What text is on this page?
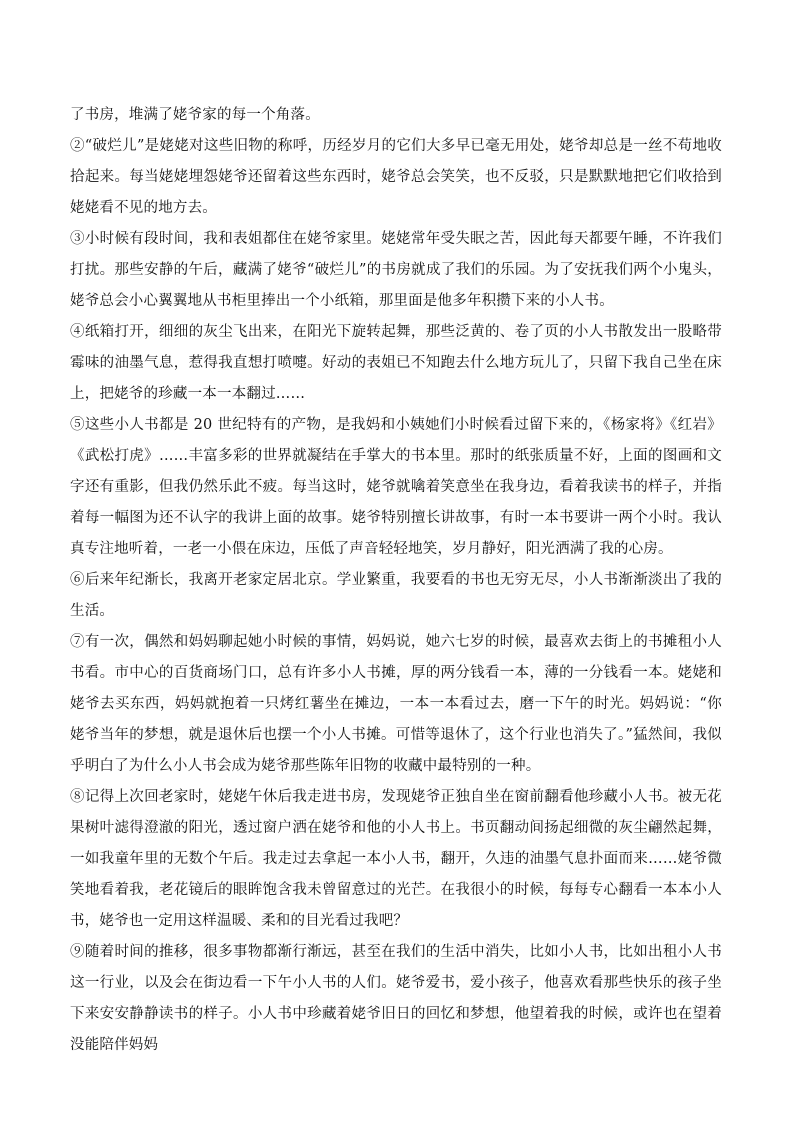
了书房，堆满了姥爷家的每一个角落。

②“破烂儿”是姥姥对这些旧物的称呼，历经岁月的它们大多早已毫无用处，姥爷却总是一丝不苟地收拾起来。每当姥姥埋怨姥爷还留着这些东西时，姥爷总会笑笑，也不反驳，只是默默地把它们收拾到姥姥看不见的地方去。

③小时候有段时间，我和表姐都住在姥爷家里。姥姥常年受失眠之苦，因此每天都要午睡，不许我们打扰。那些安静的午后，藏满了姥爷“破烂儿”的书房就成了我们的乐园。为了安抚我们两个小鬼头，姥爷总会小心翼翼地从书柜里捧出一个小纸箱，那里面是他多年积攒下来的小人书。

④纸箱打开，细细的灰尘飞出来，在阳光下旋转起舞，那些泛黄的、卷了页的小人书散发出一股略带霉味的油墨气息，惹得我直想打喷嚏。好动的表姐已不知跑去什么地方玩儿了，只留下我自己坐在床上，把姥爷的珍藏一本一本翻过……

⑤这些小人书都是 20 世纪特有的产物，是我妈和小姨她们小时候看过留下来的，《杨家将》《红岩》《武松打虎》……丰富多彩的世界就凝结在手掌大的书本里。那时的纸张质量不好，上面的图画和文字还有重影，但我仍然乐此不疲。每当这时，姥爷就噙着笑意坐在我身边，看着我读书的样子，并指着每一幅图为还不认字的我讲上面的故事。姥爷特别擅长讲故事，有时一本书要讲一两个小时。我认真专注地听着，一老一小偎在床边，压低了声音轻轻地笑，岁月静好，阳光洒满了我的心房。

⑥后来年纪渐长，我离开老家定居北京。学业繁重，我要看的书也无穷无尽，小人书渐渐淡出了我的生活。

⑦有一次，偶然和妈妈聊起她小时候的事情，妈妈说，她六七岁的时候，最喜欢去街上的书摊租小人书看。市中心的百货商场门口，总有许多小人书摊，厚的两分钱看一本，薄的一分钱看一本。姥姥和姥爷去买东西，妈妈就抱着一只烤红薯坐在摊边，一本一本看过去，磨一下午的时光。妈妈说：“你姥爷当年的梦想，就是退休后也摆一个小人书摊。可惜等退休了，这个行业也消失了。”猛然间，我似乎明白了为什么小人书会成为姥爷那些陈年旧物的收藏中最特别的一种。

⑧记得上次回老家时，姥姥午休后我走进书房，发现姥爷正独自坐在窗前翻看他珍藏小人书。被无花果树叶滤得澄澈的阳光，透过窗户洒在姥爷和他的小人书上。书页翻动间扬起细微的灰尘翩然起舞，一如我童年里的无数个午后。我走过去拿起一本小人书，翻开，久违的油墨气息扑面而来……姥爷微笑地看着我，老花镜后的眼眸饱含我未曾留意过的光芒。在我很小的时候，每每专心翻看一本本小人书，姥爷也一定用这样温暖、柔和的目光看过我吧？

⑨随着时间的推移，很多事物都渐行渐远，甚至在我们的生活中消失，比如小人书，比如出租小人书这一行业，以及会在街边看一下午小人书的人们。姥爷爱书，爱小孩子，他喜欢看那些快乐的孩子坐下来安安静静读书的样子。小人书中珍藏着姥爷旧日的回忆和梦想，他望着我的时候，或许也在望着没能陪伴妈妈
